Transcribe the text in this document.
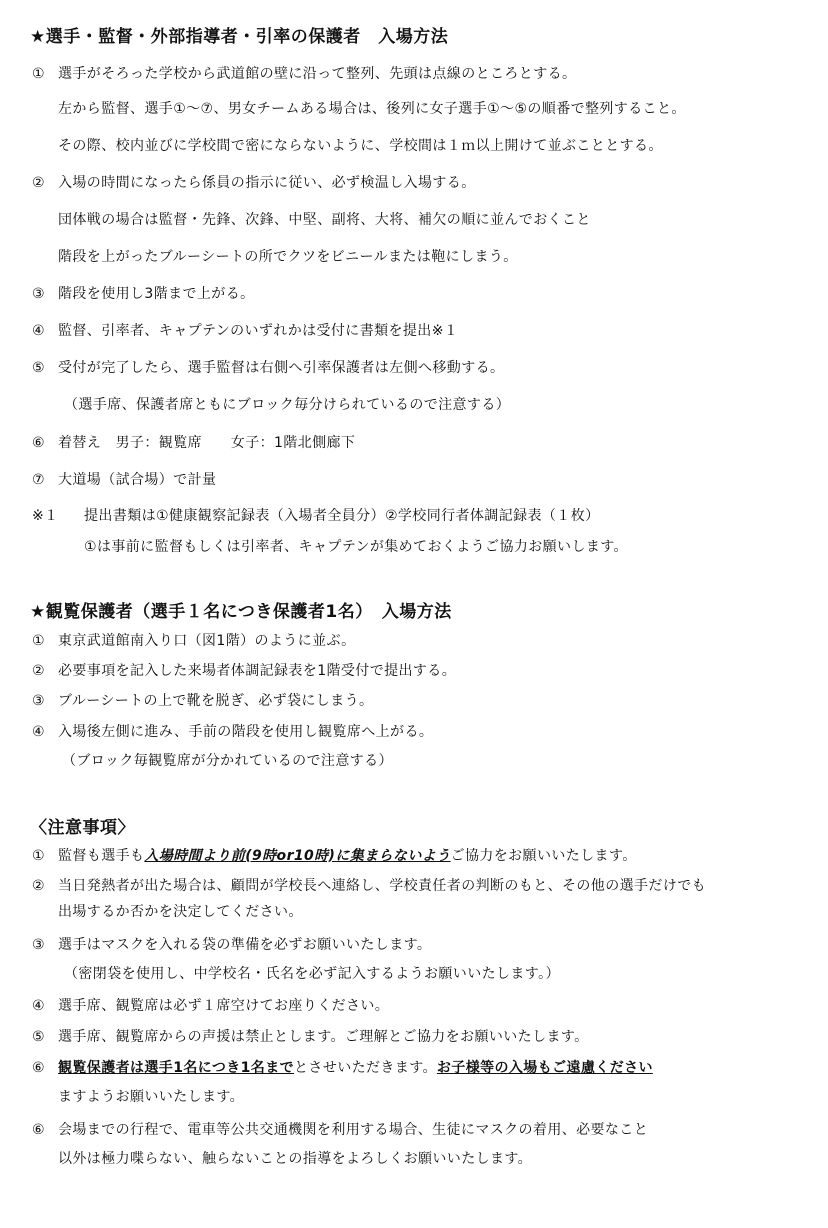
★選手・監督・外部指導者・引率の保護者　入場方法
① 選手がそろった学校から武道館の壁に沿って整列、先頭は点線のところとする。
左から監督、選手①～⑦、男女チームある場合は、後列に女子選手①～⑤の順番で整列すること。
その際、校内並びに学校間で密にならないように、学校間は１ｍ以上開けて並ぶこととする。
② 入場の時間になったら係員の指示に従い、必ず検温し入場する。
団体戦の場合は監督・先鋒、次鋒、中堅、副将、大将、補欠の順に並んでおくこと
階段を上がったブルーシートの所でクツをビニールまたは鞄にしまう。
③ 階段を使用し3階まで上がる。
④ 監督、引率者、キャプテンのいずれかは受付に書類を提出※１
⑤ 受付が完了したら、選手監督は右側へ引率保護者は左側へ移動する。
（選手席、保護者席ともにブロック毎分けられているので注意する）
⑥ 着替え　男子：観覧席　　女子：1階北側廊下
⑦ 大道場（試合場）で計量
※１ 提出書類は①健康観察記録表（入場者全員分）②学校同行者体調記録表（１枚）
①は事前に監督もしくは引率者、キャプテンが集めておくようご協力お願いします。
★観覧保護者（選手１名につき保護者1名）　入場方法
① 東京武道館南入り口（図1階）のように並ぶ。
② 必要事項を記入した来場者体調記録表を1階受付で提出する。
③ ブルーシートの上で靴を脱ぎ、必ず袋にしまう。
④ 入場後左側に進み、手前の階段を使用し観覧席へ上がる。
（ブロック毎観覧席が分かれているので注意する）
〈注意事項〉
① 監督も選手も入場時間より前(9時or10時)に集まらないようご協力をお願いいたします。
② 当日発熱者が出た場合は、顧問が学校長へ連絡し、学校責任者の判断のもと、その他の選手だけでも
出場するか否かを決定してください。
③ 選手はマスクを入れる袋の準備を必ずお願いいたします。
（密閉袋を使用し、中学校名・氏名を必ず記入するようお願いいたします。）
④ 選手席、観覧席は必ず１席空けてお座りください。
⑤ 選手席、観覧席からの声援は禁止とします。ご理解とご協力をお願いいたします。
⑥ 観覧保護者は選手1名につき1名までとさせいただきます。お子様等の入場もご遠慮ください
ますようお願いいたします。
⑥ 会場までの行程で、電車等公共交通機関を利用する場合、生徒にマスクの着用、必要なこと
以外は極力喋らない、触らないことの指導をよろしくお願いいたします。
